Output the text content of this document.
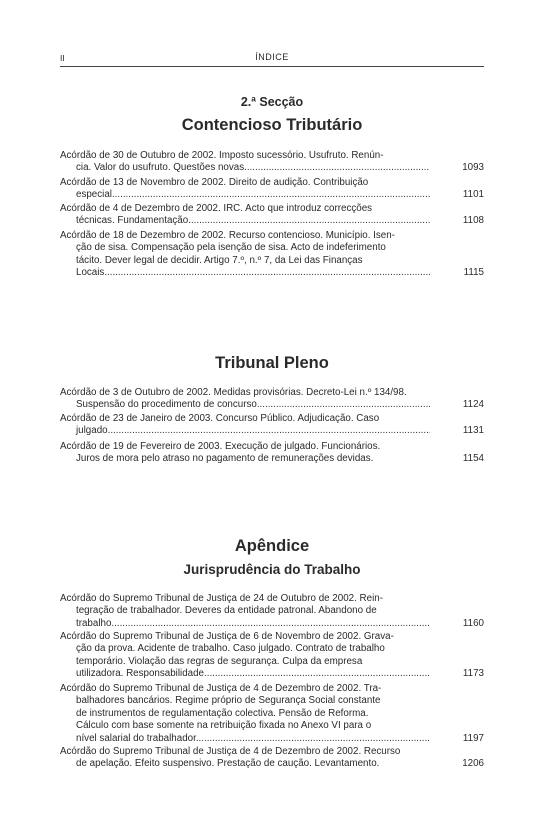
II	ÍNDICE
2.ª Secção
Contencioso Tributário
Acórdão de 30 de Outubro de 2002. Imposto sucessório. Usufruto. Renún-
cia. Valor do usufruto. Questões novas. .....	1093
Acórdão de 13 de Novembro de 2002. Direito de audição. Contribuição
especial. .....	1101
Acórdão de 4 de Dezembro de 2002. IRC. Acto que introduz correcções
técnicas. Fundamentação. .....	1108
Acórdão de 18 de Dezembro de 2002. Recurso contencioso. Município. Isen-
ção de sisa. Compensação pela isenção de sisa. Acto de indeferimento
tácito. Dever legal de decidir. Artigo 7.º, n.º 7, da Lei das Finanças
Locais. .....	1115
Tribunal Pleno
Acórdão de 3 de Outubro de 2002. Medidas provisórias. Decreto-Lei n.º 134/98.
Suspensão do procedimento de concurso. .....	1124
Acórdão de 23 de Janeiro de 2003. Concurso Público. Adjudicação. Caso
julgado. .....	1131
Acórdão de 19 de Fevereiro de 2003. Execução de julgado. Funcionários.
Juros de mora pelo atraso no pagamento de remunerações devidas.	1154
Apêndice
Jurisprudência do Trabalho
Acórdão do Supremo Tribunal de Justiça de 24 de Outubro de 2002. Rein-
tegração de trabalhador. Deveres da entidade patronal. Abandono de
trabalho. .....	1160
Acórdão do Supremo Tribunal de Justiça de 6 de Novembro de 2002. Grava-
ção da prova. Acidente de trabalho. Caso julgado. Contrato de trabalho
temporário. Violação das regras de segurança. Culpa da empresa
utilizadora. Responsabilidade. .....	1173
Acórdão do Supremo Tribunal de Justiça de 4 de Dezembro de 2002. Tra-
balhadores bancários. Regime próprio de Segurança Social constante
de instrumentos de regulamentação colectiva. Pensão de Reforma.
Cálculo com base somente na retribuição fixada no Anexo VI para o
nível salarial do trabalhador. .....	1197
Acórdão do Supremo Tribunal de Justiça de 4 de Dezembro de 2002. Recurso
de apelação. Efeito suspensivo. Prestação de caução. Levantamento.	1206
